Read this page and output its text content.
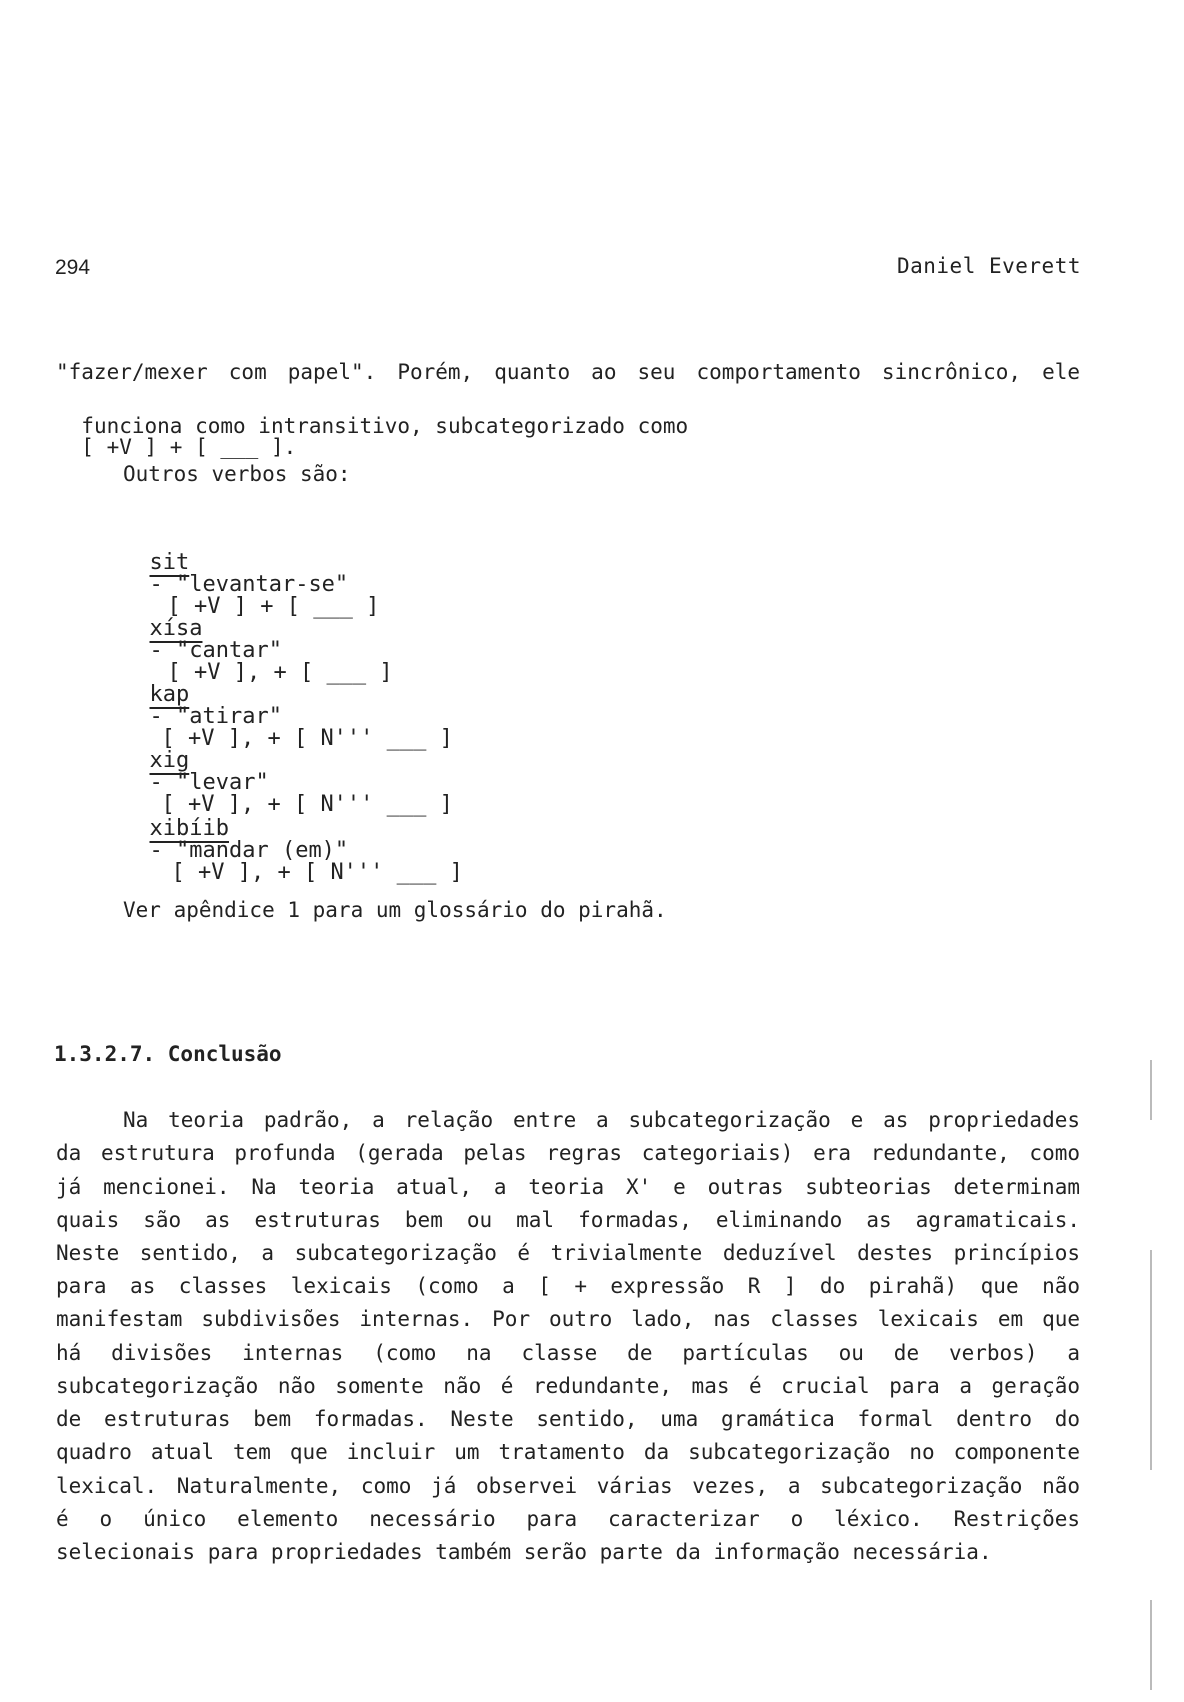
294	Daniel Everett
"fazer/mexer com papel". Porém, quanto ao seu comportamento sincrônico, ele

funciona como intransitivo, subcategorizado como
[ +V ] + [ ___ ].

Outros verbos são:

sit
- "levantar-se"
[ +V ] + [ ___ ]

xísa
- "cantar"
[ +V ], + [ ___ ]

kap
- "atirar"
[ +V ], + [ N''' ___ ]

xig
- "levar"
[ +V ], + [ N''' ___ ]

xibíib
- "mandar (em)"
[ +V ], + [ N''' ___ ]

Ver apêndice 1 para um glossário do pirahã.
1.3.2.7. Conclusão
Na teoria padrão, a relação entre a subcategorização e as propriedades
da estrutura profunda (gerada pelas regras categoriais) era redundante, como
já mencionei. Na teoria atual, a teoria X' e outras subteorias determinam
quais são as estruturas bem ou mal formadas, eliminando as agramaticais.
Neste sentido, a subcategorização é trivialmente deduzível destes princípios
para as classes lexicais (como a [ + expressão R ] do pirahã) que não
manifestam subdivisões internas. Por outro lado, nas classes lexicais em que
há divisões internas (como na classe de partículas ou de verbos) a
subcategorização não somente não é redundante, mas é crucial para a geração
de estruturas bem formadas. Neste sentido, uma gramática formal dentro do
quadro atual tem que incluir um tratamento da subcategorização no componente
lexical. Naturalmente, como já observei várias vezes, a subcategorização não
é o único elemento necessário para caracterizar o léxico. Restrições
selecionais para propriedades também serão parte da informação necessária.
